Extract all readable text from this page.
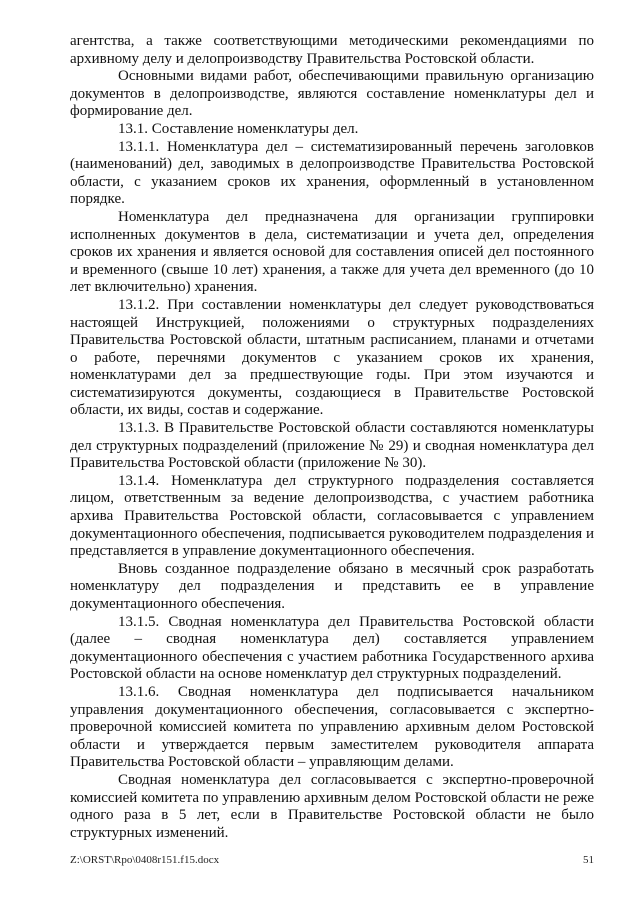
агентства, а также соответствующими методическими рекомендациями по архивному делу и делопроизводству Правительства Ростовской области.

Основными видами работ, обеспечивающими правильную организацию документов в делопроизводстве, являются составление номенклатуры дел и формирование дел.

13.1. Составление номенклатуры дел.

13.1.1. Номенклатура дел – систематизированный перечень заголовков (наименований) дел, заводимых в делопроизводстве Правительства Ростовской области, с указанием сроков их хранения, оформленный в установленном порядке.

Номенклатура дел предназначена для организации группировки исполненных документов в дела, систематизации и учета дел, определения сроков их хранения и является основой для составления описей дел постоянного и временного (свыше 10 лет) хранения, а также для учета дел временного (до 10 лет включительно) хранения.

13.1.2. При составлении номенклатуры дел следует руководствоваться настоящей Инструкцией, положениями о структурных подразделениях Правительства Ростовской области, штатным расписанием, планами и отчетами о работе, перечнями документов с указанием сроков их хранения, номенклатурами дел за предшествующие годы. При этом изучаются и систематизируются документы, создающиеся в Правительстве Ростовской области, их виды, состав и содержание.

13.1.3. В Правительстве Ростовской области составляются номенклатуры дел структурных подразделений (приложение № 29) и сводная номенклатура дел Правительства Ростовской области (приложение № 30).

13.1.4. Номенклатура дел структурного подразделения составляется лицом, ответственным за ведение делопроизводства, с участием работника архива Правительства Ростовской области, согласовывается с управлением документационного обеспечения, подписывается руководителем подразделения и представляется в управление документационного обеспечения.

Вновь созданное подразделение обязано в месячный срок разработать номенклатуру дел подразделения и представить ее в управление документационного обеспечения.

13.1.5. Сводная номенклатура дел Правительства Ростовской области (далее – сводная номенклатура дел) составляется управлением документационного обеспечения с участием работника Государственного архива Ростовской области на основе номенклатур дел структурных подразделений.

13.1.6. Сводная номенклатура дел подписывается начальником управления документационного обеспечения, согласовывается с экспертно-проверочной комиссией комитета по управлению архивным делом Ростовской области и утверждается первым заместителем руководителя аппарата Правительства Ростовской области – управляющим делами.

Сводная номенклатура дел согласовывается с экспертно-проверочной комиссией комитета по управлению архивным делом Ростовской области не реже одного раза в 5 лет, если в Правительстве Ростовской области не было структурных изменений.

Z:\ORST\Rpo\0408r151.f15.docx	51
